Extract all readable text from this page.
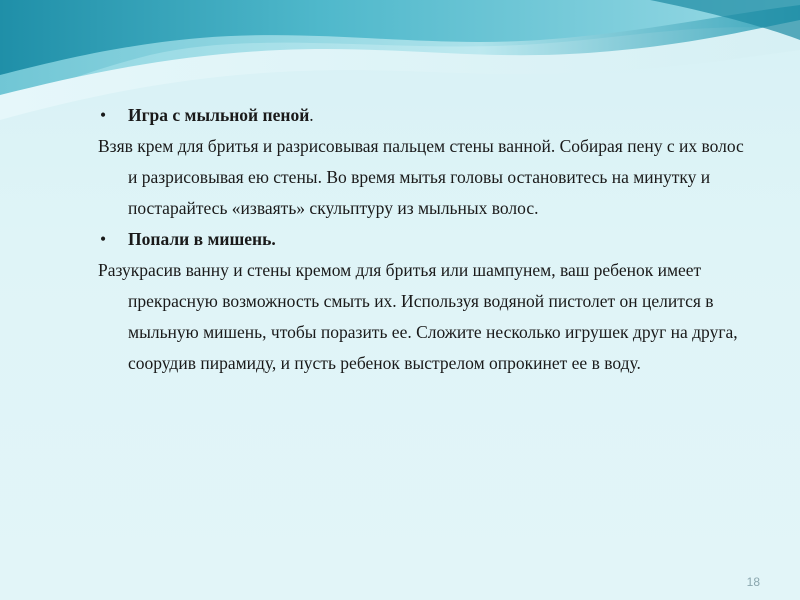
• Игра с мыльной пеной.
Взяв крем для бритья и разрисовывая пальцем стены ванной. Собирая пену с их волос и разрисовывая ею стены. Во время мытья головы остановитесь на минутку и постарайтесь «изваять» скульптуру из мыльных волос.
• Попали в мишень.
Разукрасив ванну и стены кремом для бритья или шампунем, ваш ребенок имеет прекрасную возможность смыть их. Используя водяной пистолет он целится в мыльную мишень, чтобы поразить ее. Сложите несколько игрушек друг на друга, соорудив пирамиду, и пусть ребенок выстрелом опрокинет ее в воду.
18
